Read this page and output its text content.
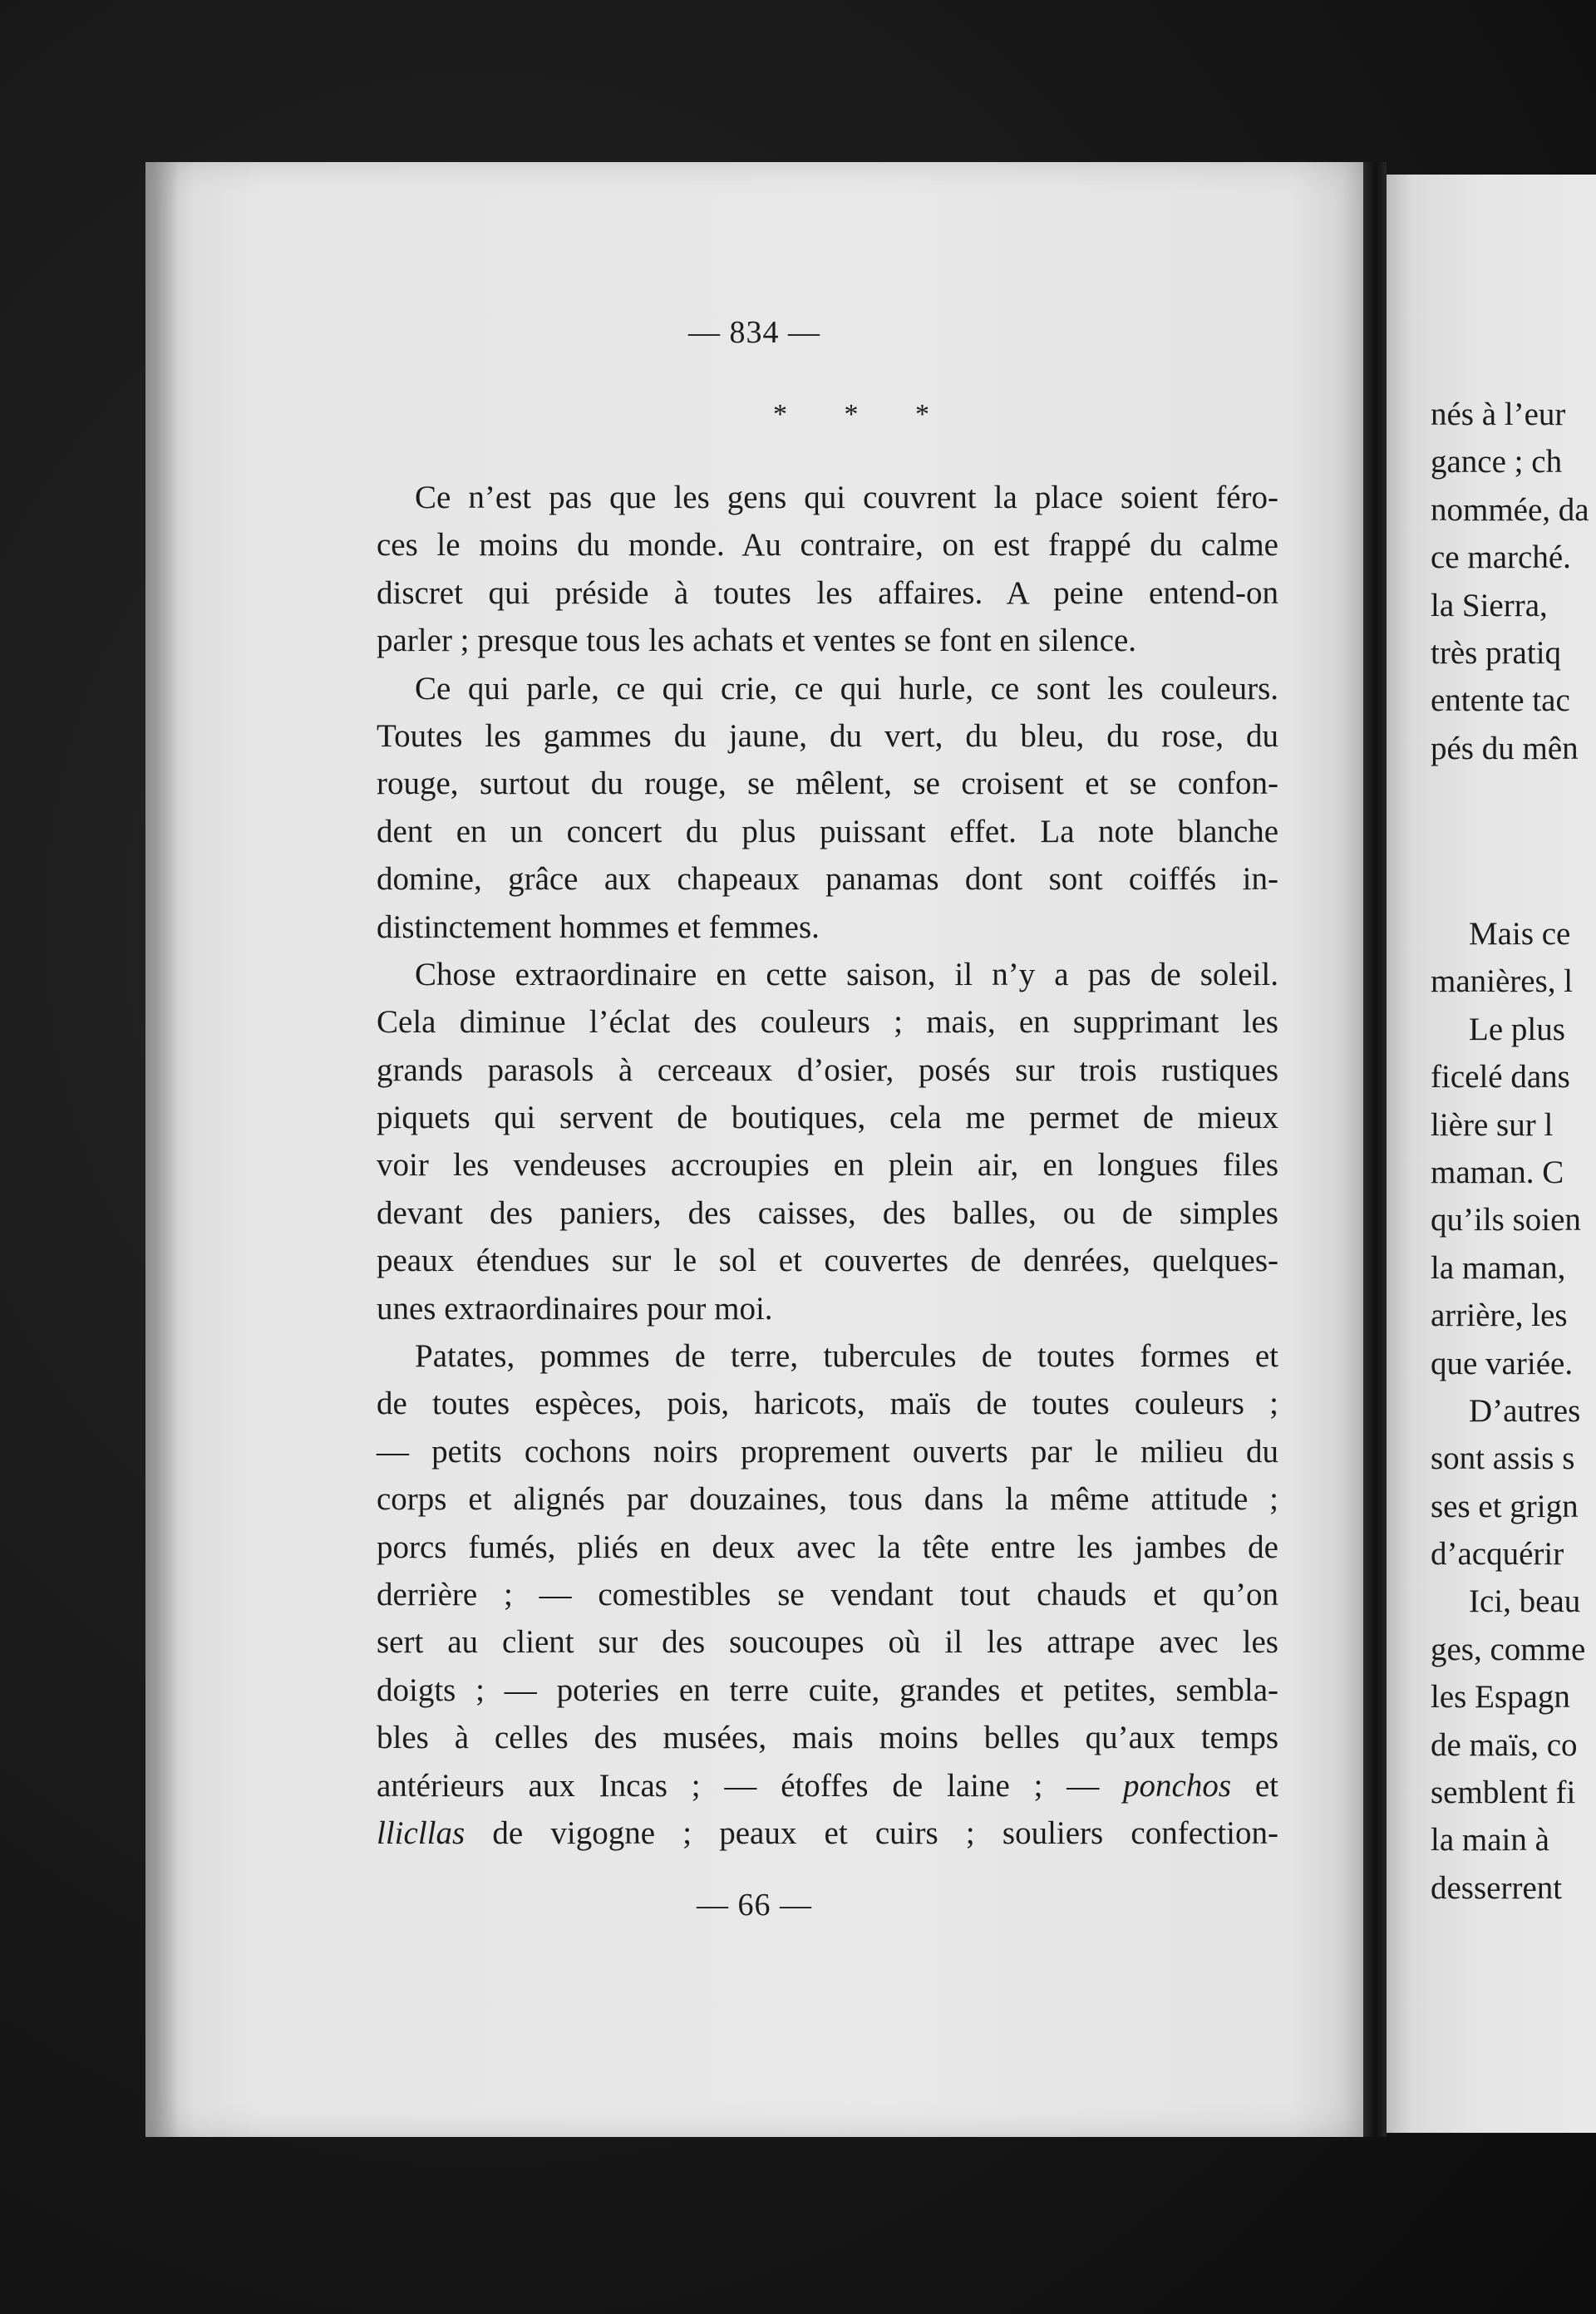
— 834 —
* * *
Ce n’est pas que les gens qui couvrent la place soient féro-
ces le moins du monde. Au contraire, on est frappé du calme
discret qui préside à toutes les affaires. A peine entend-on
parler ; presque tous les achats et ventes se font en silence.
Ce qui parle, ce qui crie, ce qui hurle, ce sont les couleurs.
Toutes les gammes du jaune, du vert, du bleu, du rose, du
rouge, surtout du rouge, se mêlent, se croisent et se confon-
dent en un concert du plus puissant effet. La note blanche
domine, grâce aux chapeaux panamas dont sont coiffés in-
distinctement hommes et femmes.
Chose extraordinaire en cette saison, il n’y a pas de soleil.
Cela diminue l’éclat des couleurs ; mais, en supprimant les
grands parasols à cerceaux d’osier, posés sur trois rustiques
piquets qui servent de boutiques, cela me permet de mieux
voir les vendeuses accroupies en plein air, en longues files
devant des paniers, des caisses, des balles, ou de simples
peaux étendues sur le sol et couvertes de denrées, quelques-
unes extraordinaires pour moi.
Patates, pommes de terre, tubercules de toutes formes et
de toutes espèces, pois, haricots, maïs de toutes couleurs ;
— petits cochons noirs proprement ouverts par le milieu du
corps et alignés par douzaines, tous dans la même attitude ;
porcs fumés, pliés en deux avec la tête entre les jambes de
derrière ; — comestibles se vendant tout chauds et qu’on
sert au client sur des soucoupes où il les attrape avec les
doigts ; — poteries en terre cuite, grandes et petites, sembla-
bles à celles des musées, mais moins belles qu’aux temps
antérieurs aux Incas ; — étoffes de laine ; — ponchos et
llicllas de vigogne ; peaux et cuirs ; souliers confection-
— 66 —
nés à l’eur
gance ; ch
nommée, da
ce marché.
la Sierra,
très pratiq
entente tac
pés du mên
Mais ce
manières, l
Le plus
ficelé dans
lière sur l
maman. C
qu’ils soien
la maman,
arrière, les
que variée.
D’autres
sont assis s
ses et grign
d’acquérir
Ici, beau
ges, comme
les Espagn
de maïs, co
semblent fi
la main à
desserrent
